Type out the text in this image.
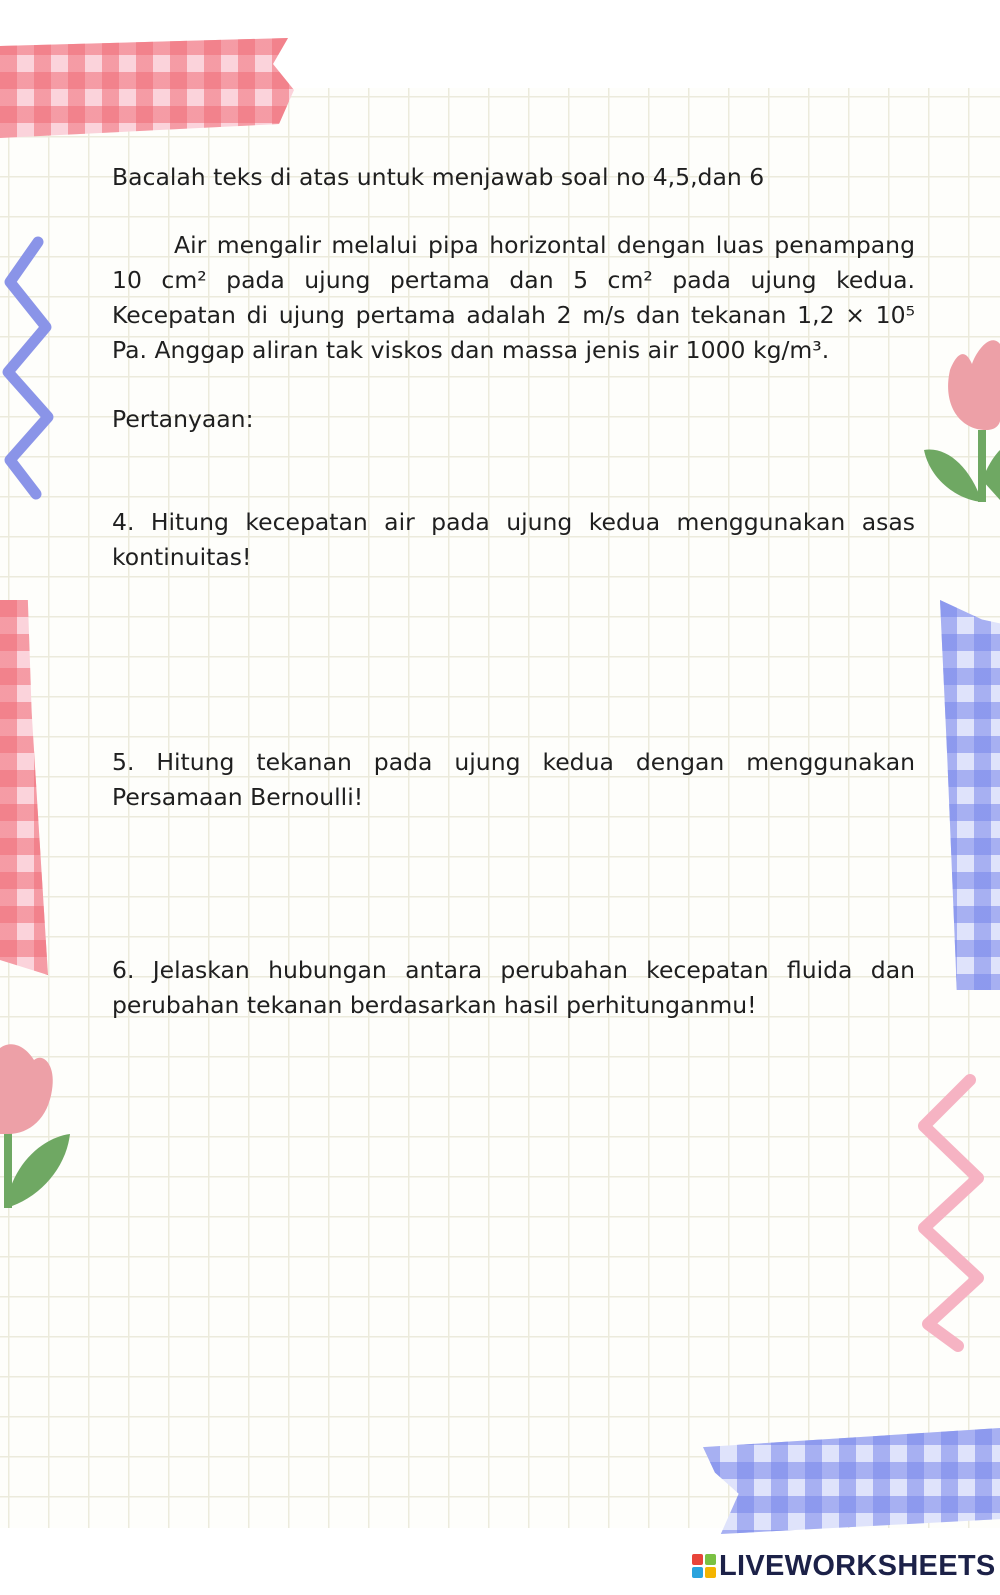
Bacalah teks di atas untuk menjawab soal no 4,5,dan 6

Air mengalir melalui pipa horizontal dengan luas penampang 10 cm² pada ujung pertama dan 5 cm² pada ujung kedua. Kecepatan di ujung pertama adalah 2 m/s dan tekanan 1,2 × 10⁵ Pa. Anggap aliran tak viskos dan massa jenis air 1000 kg/m³.

Pertanyaan:

4. Hitung kecepatan air pada ujung kedua menggunakan asas kontinuitas!

5. Hitung tekanan pada ujung kedua dengan menggunakan Persamaan Bernoulli!

6. Jelaskan hubungan antara perubahan kecepatan fluida dan perubahan tekanan berdasarkan hasil perhitunganmu!

LIVEWORKSHEETS
